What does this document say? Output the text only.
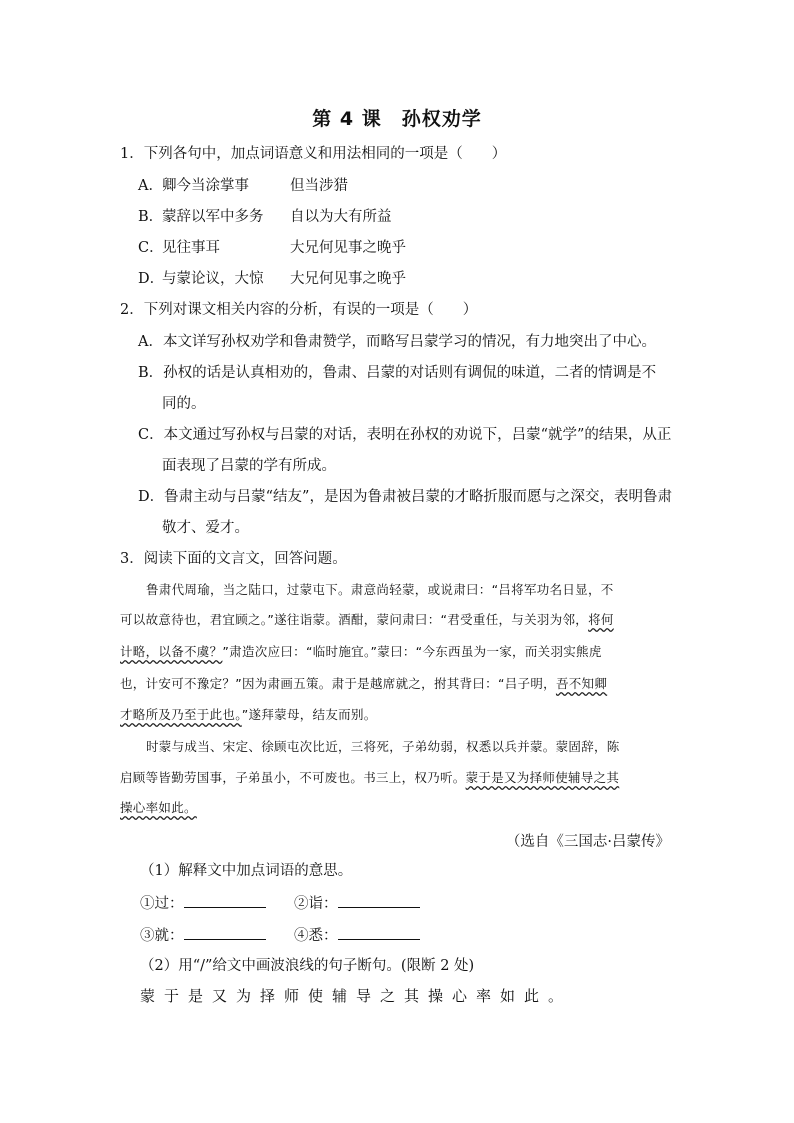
第 4 课　孙权劝学
1．下列各句中，加点词语意义和用法相同的一项是（　　）
A．卿今当涂掌事	但当涉猎
B．蒙辞以军中多务 自以为大有所益
C．见往事耳	大兄何见事之晚乎
D．与蒙论议，大惊 大兄何见事之晚乎
2．下列对课文相关内容的分析，有误的一项是（　　）
A．本文详写孙权劝学和鲁肃赞学，而略写吕蒙学习的情况，有力地突出了中心。
B．孙权的话是认真相劝的，鲁肃、吕蒙的对话则有调侃的味道，二者的情调是不
同的。
C．本文通过写孙权与吕蒙的对话，表明在孙权的劝说下，吕蒙“就学”的结果，从正
面表现了吕蒙的学有所成。
D．鲁肃主动与吕蒙“结友”，是因为鲁肃被吕蒙的才略折服而愿与之深交，表明鲁肃
敬才、爱才。
3．阅读下面的文言文，回答问题。
鲁肃代周瑜，当之陆口，过蒙屯下。肃意尚轻蒙，或说肃曰：“吕将军功名日显，不
可以故意待也，君宜顾之。”遂往诣蒙。酒酣，蒙问肃曰：“君受重任，与关羽为邻，将何
计略，以备不虞？”肃造次应曰：“临时施宜。”蒙曰：“今东西虽为一家，而关羽实熊虎
也，计安可不豫定？”因为肃画五策。肃于是越席就之，拊其背曰：“吕子明，吾不知卿
才略所及乃至于此也。”遂拜蒙母，结友而别。
时蒙与成当、宋定、徐顾屯次比近，三将死，子弟幼弱，权悉以兵并蒙。蒙固辞，陈
启顾等皆勤劳国事，子弟虽小，不可废也。书三上，权乃听。蒙于是又为择师使辅导之其
操心率如此。
（选自《三国志·吕蒙传》
（1）解释文中加点词语的意思。
①过：	②诣：
③就：	④悉：
（2）用“/”给文中画波浪线的句子断句。(限断 2 处)
蒙于是又为择师使辅导之其操心率如此。
